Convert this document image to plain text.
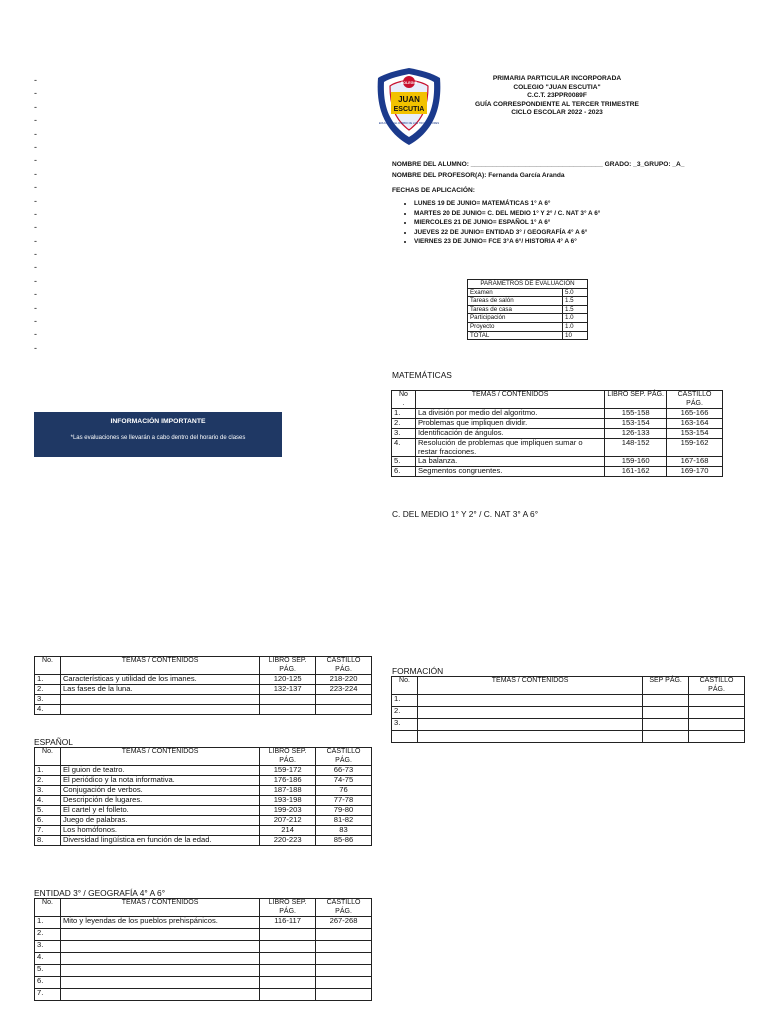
-
-
-
-
-
-
-
-
-
-
-
-
-
-
-
-
-
-
-
-
-
COLEGIO
JUAN
ESCUTIA
EDUCANDO EL RUMBO DE LOS TRIUNFADORES
PRIMARIA PARTICULAR INCORPORADA
COLEGIO "JUAN ESCUTIA"
C.C.T. 23PPR0089F
GUÍA CORRESPONDIENTE AL TERCER TRIMESTRE
CICLO ESCOLAR 2022 - 2023
NOMBRE DEL ALUMNO: ____________________________________ GRADO: _3_GRUPO: _A_
NOMBRE DEL PROFESOR(A): Fernanda García Aranda
FECHAS DE APLICACIÓN:
• LUNES 19 DE JUNIO= MATEMÁTICAS 1° A 6°
• MARTES 20 DE JUNIO= C. DEL MEDIO 1° Y 2° / C. NAT 3° A 6°
• MIERCOLES 21 DE JUNIO= ESPAÑOL 1° A 6°
• JUEVES 22 DE JUNIO= ENTIDAD 3° / GEOGRAFÍA 4° A 6°
• VIERNES 23 DE JUNIO= FCE 3°A 6°/ HISTORIA 4° A 6°
PARÁMETROS DE EVALUACIÓN	
Examen	5.0
Tareas de salón	1.5
Tareas de casa	1.5
Participación	1.0
Proyecto	1.0
TOTAL	10
INFORMACIÓN IMPORTANTE
*Las evaluaciones se llevarán a cabo dentro del horario de clases
MATEMÁTICAS
No
.	TEMAS / CONTENIDOS	LIBRO SEP. PÁG.	CASTILLO PÁG.
1.	La división por medio del algoritmo.	155-158	165-166
2.	Problemas que impliquen dividir.	153-154	163-164
3.	Identificación de ángulos.	126-133	153-154
4.	Resolución de problemas que impliquen sumar o restar fracciones.	148-152	159-162
5.	La balanza.	159-160	167-168
6.	Segmentos congruentes.	161-162	169-170
C. DEL MEDIO 1° Y 2° / C. NAT 3° A 6°
No.	TEMAS / CONTENIDOS	LIBRO SEP. PÁG.	CASTILLO PÁG.
1.	Características y utilidad de los imanes.	120-125	218-220
2.	Las fases de la luna.	132-137	223-224
3.			
4.			
ESPAÑOL
No.	TEMAS / CONTENIDOS	LIBRO SEP. PÁG.	CASTILLO PÁG.
1.	El guion de teatro.	159-172	66-73
2.	El periódico y la nota informativa.	176-186	74-75
3.	Conjugación de verbos.	187-188	76
4.	Descripción de lugares.	193-198	77-78
5.	El cartel y el folleto.	199-203	79-80
6.	Juego de palabras.	207-212	81-82
7.	Los homófonos.	214	83
8.	Diversidad lingüística en función de la edad.	220-223	85-86
ENTIDAD 3° / GEOGRAFÍA 4° A 6°
No.	TEMAS / CONTENIDOS	LIBRO SEP. PÁG.	CASTILLO PÁG.
1.	Mito y leyendas de los pueblos prehispánicos.	116-117	267-268
2.			
3.			
4.			
5.			
6.			
7.			
FORMACIÓN
No.	TEMAS / CONTENIDOS	SEP PÁG.	CASTILLO PÁG.
1.			
2.			
3.			
